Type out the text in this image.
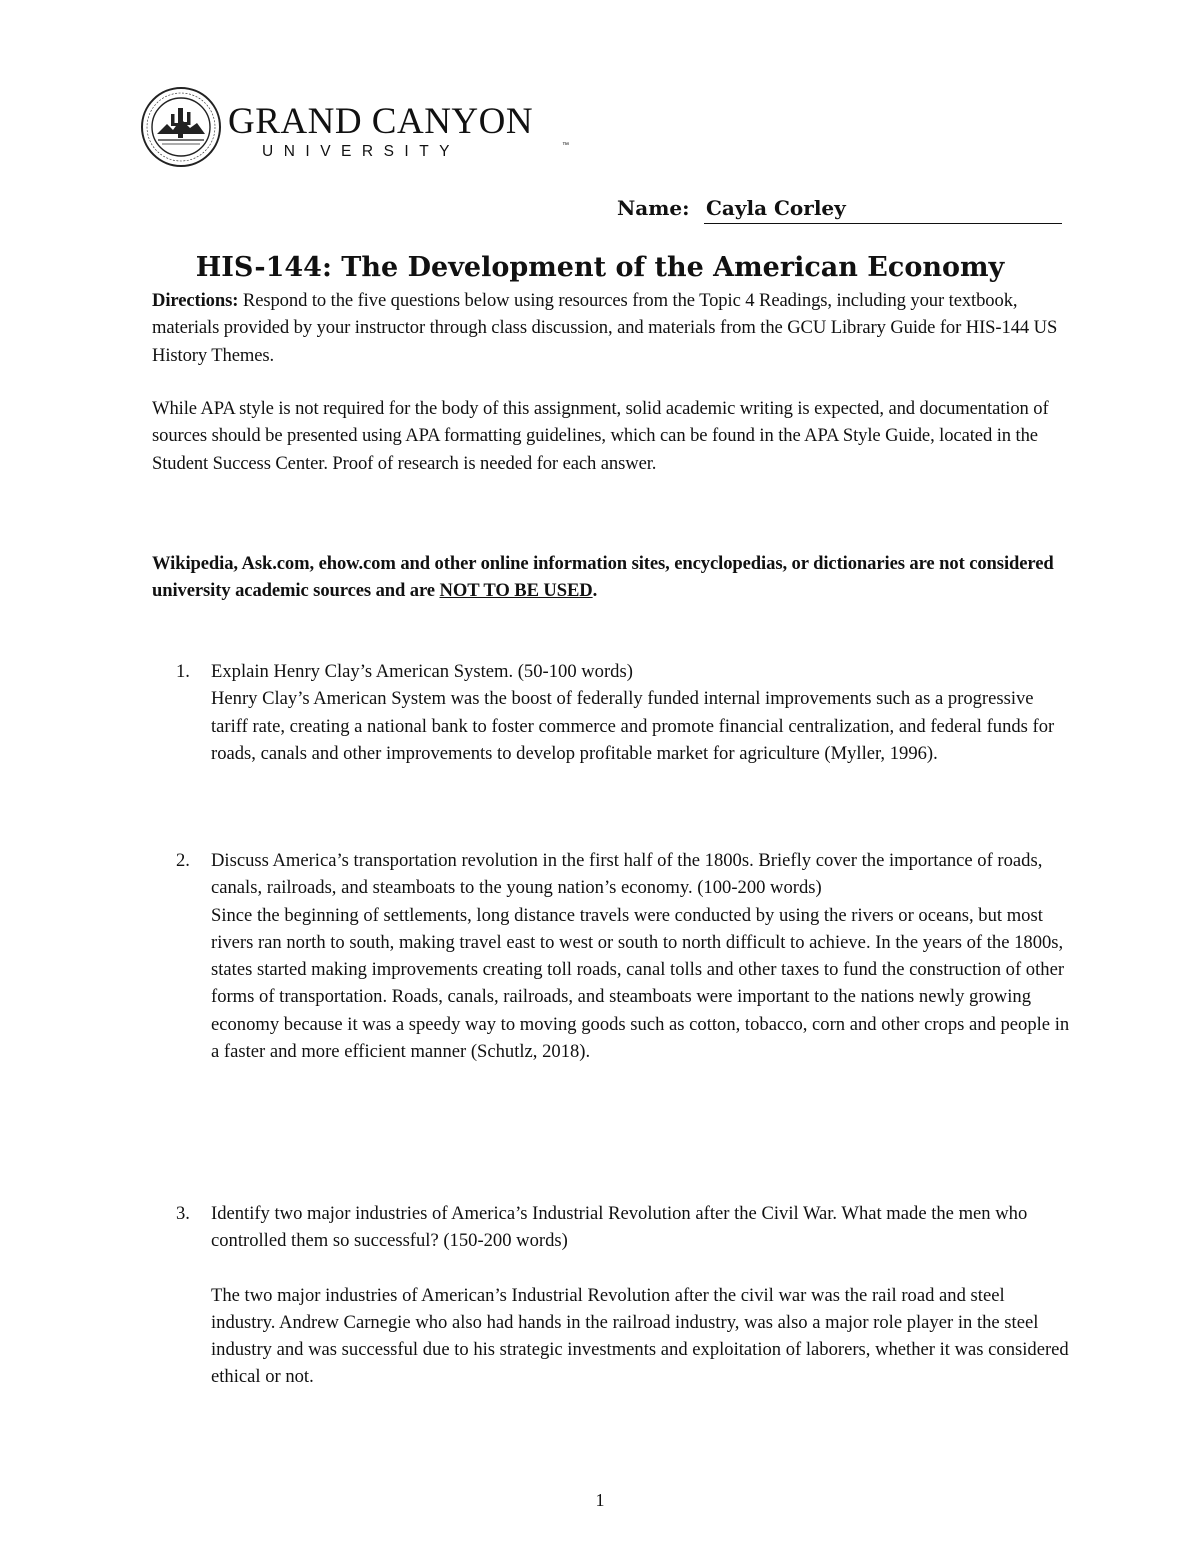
GRAND CANYON
UNIVERSITY	™
Name: Cayla Corley
HIS-144: The Development of the American Economy
Directions: Respond to the five questions below using resources from the Topic 4 Readings, including your textbook, materials provided by your instructor through class discussion, and materials from the GCU Library Guide for HIS-144 US History Themes.
While APA style is not required for the body of this assignment, solid academic writing is expected, and documentation of sources should be presented using APA formatting guidelines, which can be found in the APA Style Guide, located in the Student Success Center. Proof of research is needed for each answer.
Wikipedia, Ask.com, ehow.com and other online information sites, encyclopedias, or dictionaries are not considered university academic sources and are NOT TO BE USED.
1.	Explain Henry Clay’s American System. (50-100 words)

Henry Clay’s American System was the boost of federally funded internal improvements such as a progressive tariff rate, creating a national bank to foster commerce and promote financial centralization, and federal funds for roads, canals and other improvements to develop profitable market for agriculture (Myller, 1996).

2.	Discuss America’s transportation revolution in the first half of the 1800s. Briefly cover the importance of roads, canals, railroads, and steamboats to the young nation’s economy. (100-200 words)

Since the beginning of settlements, long distance travels were conducted by using the rivers or oceans, but most rivers ran north to south, making travel east to west or south to north difficult to achieve. In the years of the 1800s, states started making improvements creating toll roads, canal tolls and other taxes to fund the construction of other forms of transportation. Roads, canals, railroads, and steamboats were important to the nations newly growing economy because it was a speedy way to moving goods such as cotton, tobacco, corn and other crops and people in a faster and more efficient manner (Schutlz, 2018).

3.	Identify two major industries of America’s Industrial Revolution after the Civil War. What made the men who controlled them so successful? (150-200 words)

The two major industries of American’s Industrial Revolution after the civil war was the rail road and steel industry. Andrew Carnegie who also had hands in the railroad industry, was also a major role player in the steel industry and was successful due to his strategic investments and exploitation of laborers, whether it was considered ethical or not.

1
